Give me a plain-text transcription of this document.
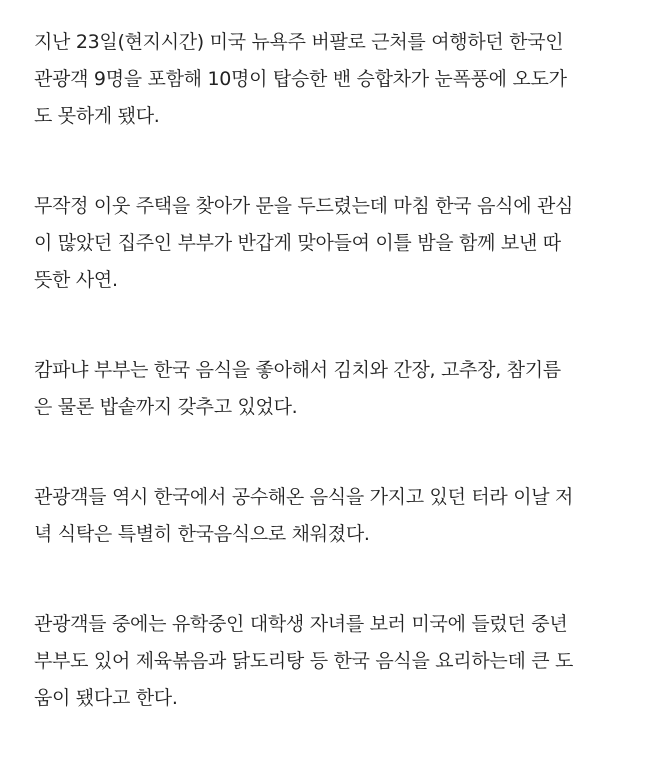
지난 23일(현지시간) 미국 뉴욕주 버팔로 근처를 여행하던 한국인
관광객 9명을 포함해 10명이 탑승한 밴 승합차가 눈폭풍에 오도가
도 못하게 됐다.

무작정 이웃 주택을 찾아가 문을 두드렸는데 마침 한국 음식에 관심
이 많았던 집주인 부부가 반갑게 맞아들여 이틀 밤을 함께 보낸 따
뜻한 사연.

캄파냐 부부는 한국 음식을 좋아해서 김치와 간장, 고추장, 참기름
은 물론 밥솥까지 갖추고 있었다.

관광객들 역시 한국에서 공수해온 음식을 가지고 있던 터라 이날 저
녁 식탁은 특별히 한국음식으로 채워졌다.

관광객들 중에는 유학중인 대학생 자녀를 보러 미국에 들렀던 중년
부부도 있어 제육볶음과 닭도리탕 등 한국 음식을 요리하는데 큰 도
움이 됐다고 한다.
